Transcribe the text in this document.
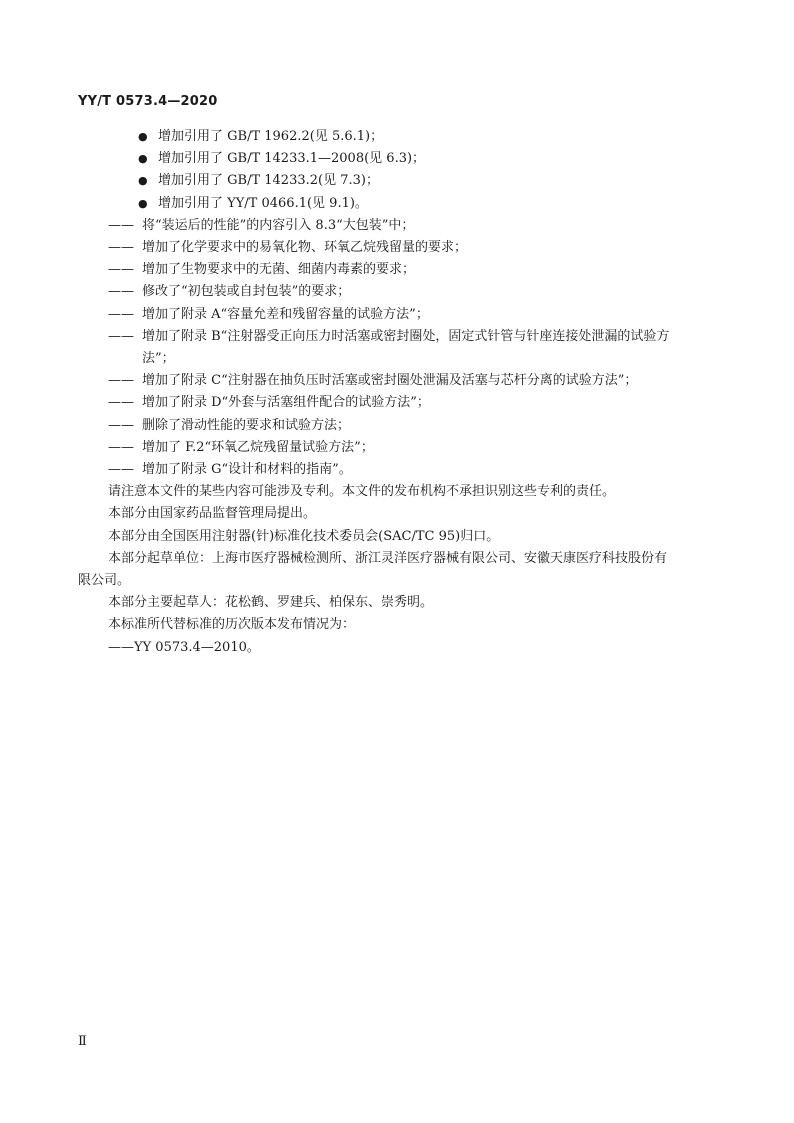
YY/T 0573.4—2020
● 增加引用了 GB/T 1962.2(见 5.6.1)；
● 增加引用了 GB/T 14233.1—2008(见 6.3)；
● 增加引用了 GB/T 14233.2(见 7.3)；
● 增加引用了 YY/T 0466.1(见 9.1)。
—— 将“装运后的性能”的内容引入 8.3“大包装”中；
—— 增加了化学要求中的易氧化物、环氧乙烷残留量的要求；
—— 增加了生物要求中的无菌、细菌内毒素的要求；
—— 修改了“初包装或自封包装”的要求；
—— 增加了附录 A“容量允差和残留容量的试验方法”；
—— 增加了附录 B“注射器受正向压力时活塞或密封圈处，固定式针管与针座连接处泄漏的试验方
法”；
—— 增加了附录 C“注射器在抽负压时活塞或密封圈处泄漏及活塞与芯杆分离的试验方法”；
—— 增加了附录 D“外套与活塞组件配合的试验方法”；
—— 删除了滑动性能的要求和试验方法；
—— 增加了 F.2“环氧乙烷残留量试验方法”；
—— 增加了附录 G“设计和材料的指南”。
请注意本文件的某些内容可能涉及专利。本文件的发布机构不承担识别这些专利的责任。
本部分由国家药品监督管理局提出。
本部分由全国医用注射器(针)标准化技术委员会(SAC/TC 95)归口。
本部分起草单位：上海市医疗器械检测所、浙江灵洋医疗器械有限公司、安徽天康医疗科技股份有
限公司。
本部分主要起草人：花松鹤、罗建兵、柏保东、崇秀明。
本标准所代替标准的历次版本发布情况为：
——YY 0573.4—2010。
Ⅱ
